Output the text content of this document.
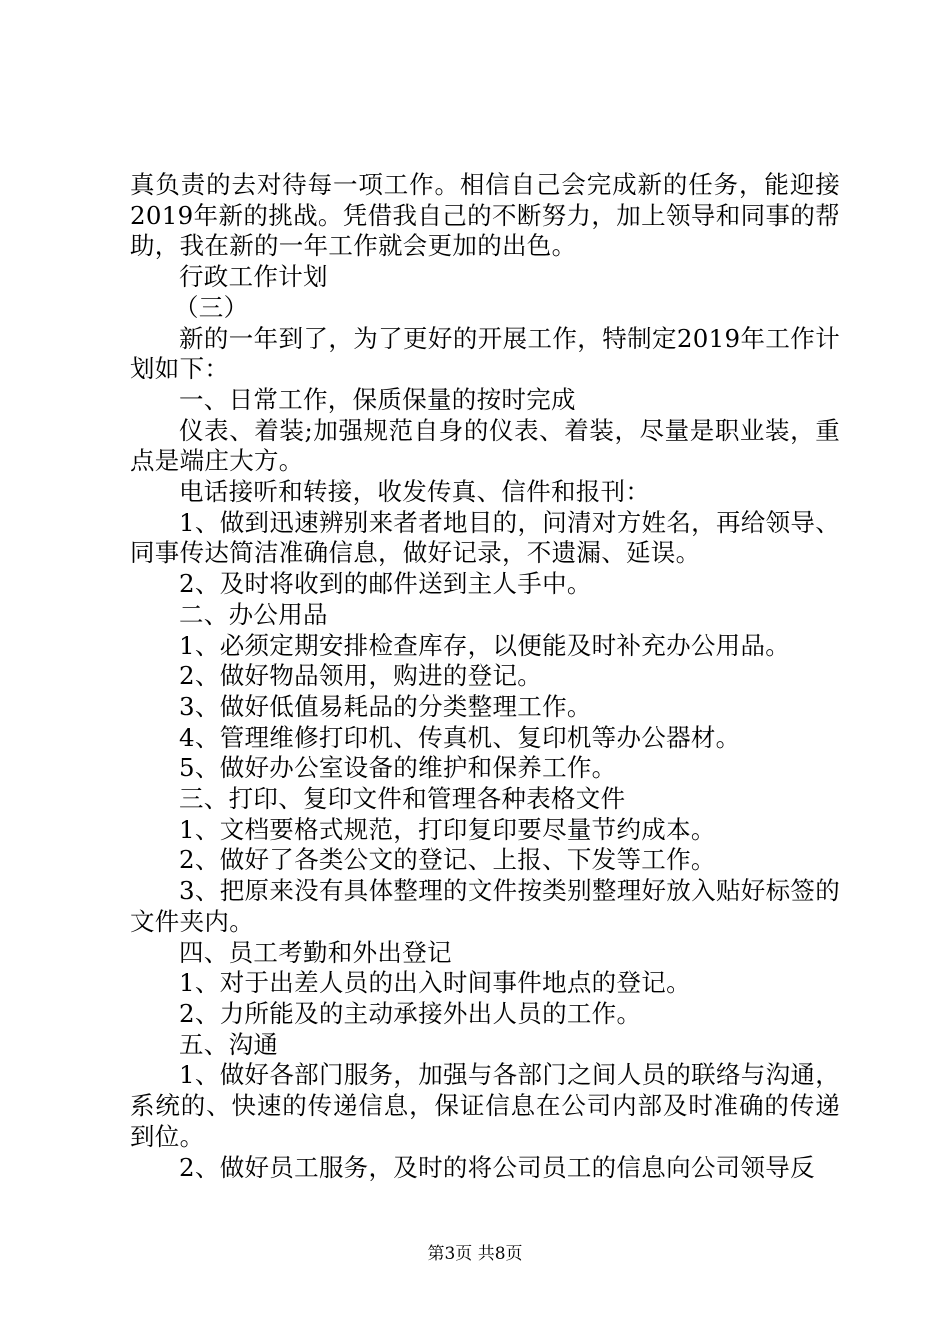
真负责的去对待每一项工作。相信自己会完成新的任务，能迎接2019年新的挑战。凭借我自己的不断努力，加上领导和同事的帮助，我在新的一年工作就会更加的出色。

行政工作计划

（三）

新的一年到了，为了更好的开展工作，特制定2019年工作计划如下：

一、日常工作，保质保量的按时完成

仪表、着装;加强规范自身的仪表、着装，尽量是职业装，重点是端庄大方。

电话接听和转接，收发传真、信件和报刊：

1、做到迅速辨别来者者地目的，问清对方姓名，再给领导、同事传达简洁准确信息，做好记录，不遗漏、延误。

2、及时将收到的邮件送到主人手中。

二、办公用品

1、必须定期安排检查库存，以便能及时补充办公用品。

2、做好物品领用，购进的登记。

3、做好低值易耗品的分类整理工作。

4、管理维修打印机、传真机、复印机等办公器材。

5、做好办公室设备的维护和保养工作。

三、打印、复印文件和管理各种表格文件

1、文档要格式规范，打印复印要尽量节约成本。

2、做好了各类公文的登记、上报、下发等工作。

3、把原来没有具体整理的文件按类别整理好放入贴好标签的文件夹内。

四、员工考勤和外出登记

1、对于出差人员的出入时间事件地点的登记。

2、力所能及的主动承接外出人员的工作。

五、沟通

1、做好各部门服务，加强与各部门之间人员的联络与沟通，系统的、快速的传递信息，保证信息在公司内部及时准确的传递到位。

2、做好员工服务，及时的将公司员工的信息向公司领导反

第3页 共8页
